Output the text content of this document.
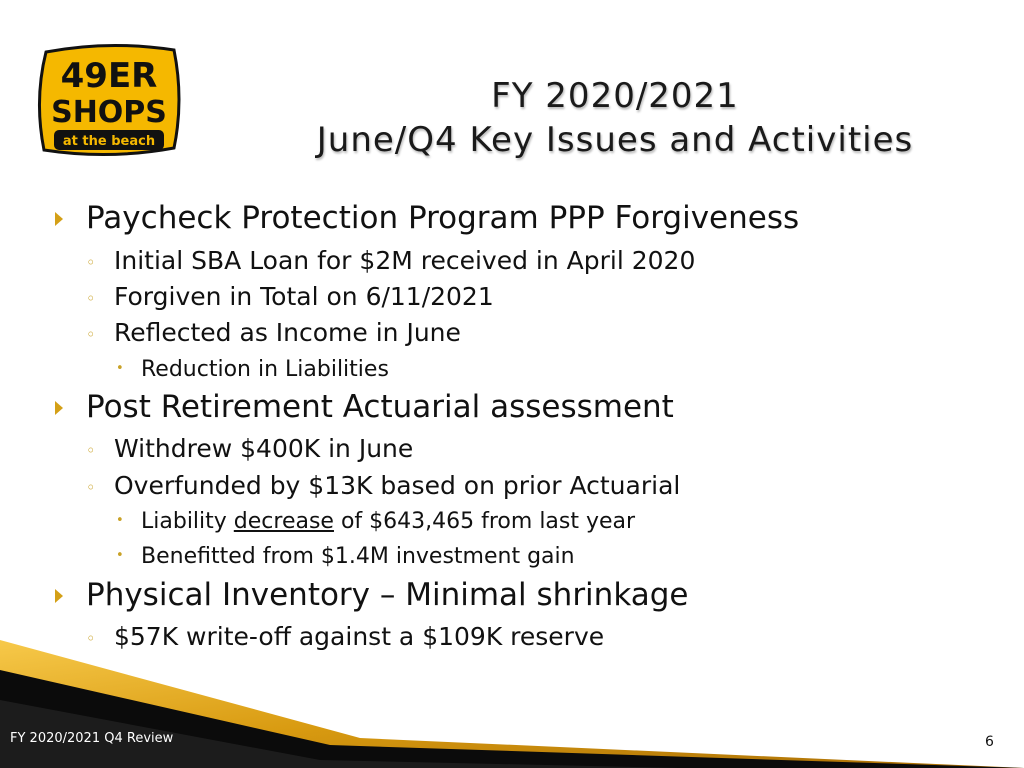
49ER
SHOPS
at the beach
FY 2020/2021
June/Q4 Key Issues and Activities
Paycheck Protection Program PPP Forgiveness
◦ Initial SBA Loan for $2M received in April 2020
◦ Forgiven in Total on 6/11/2021
◦ Reflected as Income in June
• Reduction in Liabilities
Post Retirement Actuarial assessment
◦ Withdrew $400K in June
◦ Overfunded by $13K based on prior Actuarial
• Liability decrease of $643,465 from last year
• Benefitted from $1.4M investment gain
Physical Inventory – Minimal shrinkage
◦ $57K write-off against a $109K reserve
FY 2020/2021 Q4 Review	6
